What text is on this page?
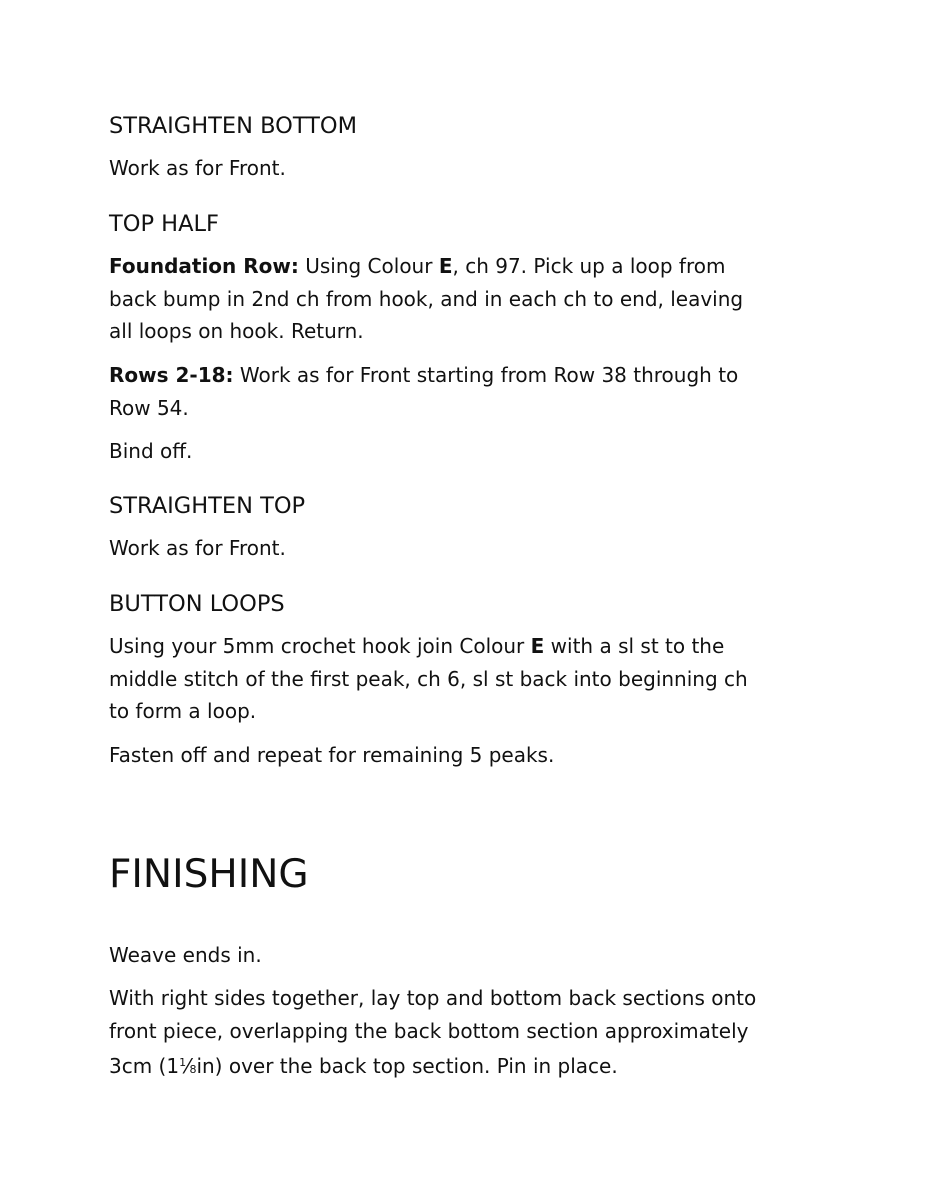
STRAIGHTEN BOTTOM

Work as for Front.

TOP HALF
Foundation Row: Using Colour E, ch 97. Pick up a loop from
back bump in 2nd ch from hook, and in each ch to end, leaving
all loops on hook. Return.
Rows 2-18: Work as for Front starting from Row 38 through to
Row 54.

Bind off.

STRAIGHTEN TOP

Work as for Front.

BUTTON LOOPS
Using your 5mm crochet hook join Colour E with a sl st to the
middle stitch of the first peak, ch 6, sl st back into beginning ch
to form a loop.

Fasten off and repeat for remaining 5 peaks.

FINISHING

Weave ends in.

With right sides together, lay top and bottom back sections onto
front piece, overlapping the back bottom section approximately
3cm $(1^1⁄8in)$ over the back top section. Pin in place.
